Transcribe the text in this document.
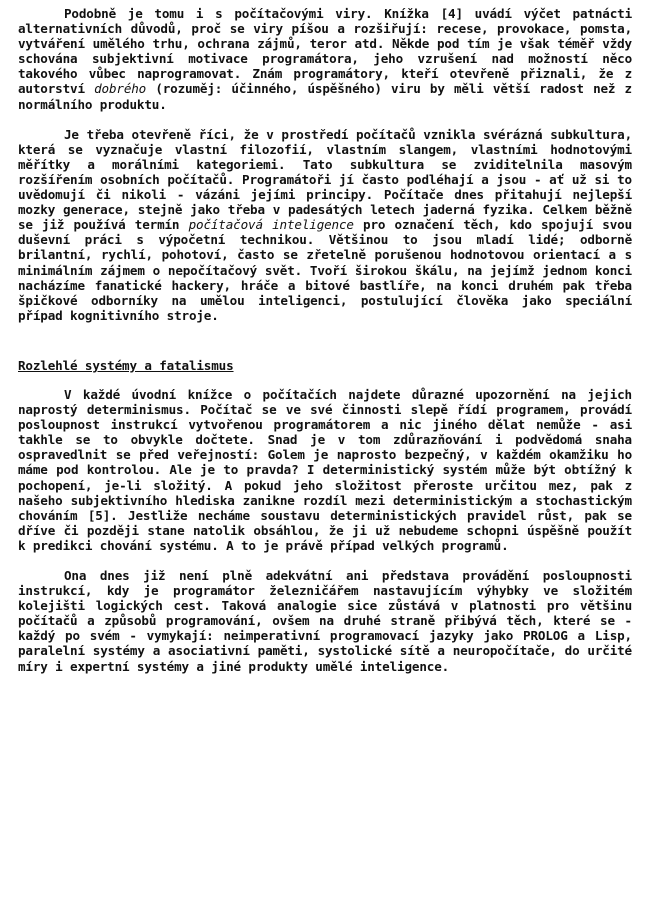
Podobně je tomu i s počítačovými viry. Knížka [4] uvádí výčet patnácti alternativních důvodů, proč se viry píšou a rozšiřují: recese, provokace, pomsta, vytváření umělého trhu, ochrana zájmů, teror atd. Někde pod tím je však téměř vždy schována subjektivní motivace programátora, jeho vzrušení nad možností něco takového vůbec naprogramovat. Znám programátory, kteří otevřeně přiznali, že z autorství dobrého (rozuměj: účinného, úspěšného) viru by měli větší radost než z normálního produktu.

Je třeba otevřeně říci, že v prostředí počítačů vznikla svérázná subkultura, která se vyznačuje vlastní filozofií, vlastním slangem, vlastními hodnotovými měřítky a morálními kategoriemi. Tato subkultura se zviditelnila masovým rozšířením osobních počítačů. Programátoři jí často podléhají a jsou - ať už si to uvědomují či nikoli - vázáni jejími principy. Počítače dnes přitahují nejlepší mozky generace, stejně jako třeba v padesátých letech jaderná fyzika. Celkem běžně se již používá termín počítačová inteligence pro označení těch, kdo spojují svou duševní práci s výpočetní technikou. Většinou to jsou mladí lidé; odborně brilantní, rychlí, pohotoví, často se zřetelně porušenou hodnotovou orientací a s minimálním zájmem o nepočítačový svět. Tvoří širokou škálu, na jejímž jednom konci nacházíme fanatické hackery, hráče a bitové bastlíře, na konci druhém pak třeba špičkové odborníky na umělou inteligenci, postulující člověka jako speciální případ kognitivního stroje.

Rozlehlé systémy a fatalismus

V každé úvodní knížce o počítačích najdete důrazné upozornění na jejich naprostý determinismus. Počítač se ve své činnosti slepě řídí programem, provádí posloupnost instrukcí vytvořenou programátorem a nic jiného dělat nemůže - asi takhle se to obvykle dočtete. Snad je v tom zdůrazňování i podvědomá snaha ospravedlnit se před veřejností: Golem je naprosto bezpečný, v každém okamžiku ho máme pod kontrolou. Ale je to pravda? I deterministický systém může být obtížný k pochopení, je-li složitý. A pokud jeho složitost přeroste určitou mez, pak z našeho subjektivního hlediska zanikne rozdíl mezi deterministickým a stochastickým chováním [5]. Jestliže necháme soustavu deterministických pravidel růst, pak se dříve či později stane natolik obsáhlou, že ji už nebudeme schopni úspěšně použít k predikci chování systému. A to je právě případ velkých programů.

Ona dnes již není plně adekvátní ani představa provádění posloupnosti instrukcí, kdy je programátor železničářem nastavujícím výhybky ve složitém kolejišti logických cest. Taková analogie sice zůstává v platnosti pro většinu počítačů a způsobů programování, ovšem na druhé straně přibývá těch, které se - každý po svém - vymykají: neimperativní programovací jazyky jako PROLOG a Lisp, paralelní systémy a asociativní paměti, systolické sítě a neuropočítače, do určité míry i expertní systémy a jiné produkty umělé inteligence.
